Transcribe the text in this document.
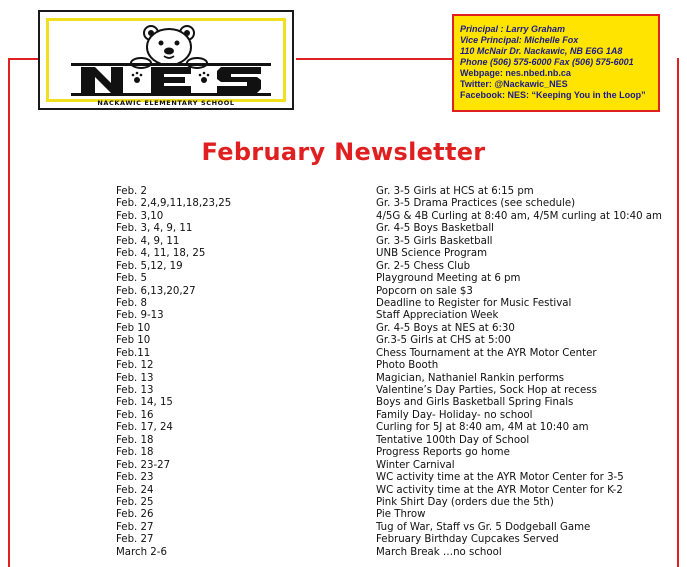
NACKAWIC ELEMENTARY SCHOOL
Principal : Larry Graham
Vice Principal: Michelle Fox
110 McNair Dr. Nackawic, NB E6G 1A8
Phone (506) 575-6000 Fax (506) 575-6001
Webpage: nes.nbed.nb.ca
Twitter: @Nackawic_NES
Facebook: NES: “Keeping You in the Loop”
February Newsletter
Feb. 2	Gr. 3-5 Girls at HCS at 6:15 pm
Feb. 2,4,9,11,18,23,25	Gr. 3-5 Drama Practices (see schedule)
Feb. 3,10	4/5G & 4B Curling at 8:40 am, 4/5M curling at 10:40 am
Feb. 3, 4, 9, 11	Gr. 4-5 Boys Basketball
Feb. 4, 9, 11	Gr. 3-5 Girls Basketball
Feb. 4, 11, 18, 25	UNB Science Program
Feb. 5,12, 19	Gr. 2-5 Chess Club
Feb. 5	Playground Meeting at 6 pm
Feb. 6,13,20,27	Popcorn on sale $3
Feb. 8	Deadline to Register for Music Festival
Feb. 9-13	Staff Appreciation Week
Feb 10	Gr. 4-5 Boys at NES at 6:30
Feb 10	Gr.3-5 Girls at CHS at 5:00
Feb.11	Chess Tournament at the AYR Motor Center
Feb. 12	Photo Booth
Feb. 13	Magician, Nathaniel Rankin performs
Feb. 13	Valentine’s Day Parties, Sock Hop at recess
Feb. 14, 15	Boys and Girls Basketball Spring Finals
Feb. 16	Family Day- Holiday- no school
Feb. 17, 24	Curling for 5J at 8:40 am, 4M at 10:40 am
Feb. 18	Tentative 100th Day of School
Feb. 18	Progress Reports go home
Feb. 23-27	Winter Carnival
Feb. 23	WC activity time at the AYR Motor Center for 3-5
Feb. 24	WC activity time at the AYR Motor Center for K-2
Feb. 25	Pink Shirt Day (orders due the 5th)
Feb. 26	Pie Throw
Feb. 27	Tug of War, Staff vs Gr. 5 Dodgeball Game
Feb. 27	February Birthday Cupcakes Served
March 2-6	March Break …no school
